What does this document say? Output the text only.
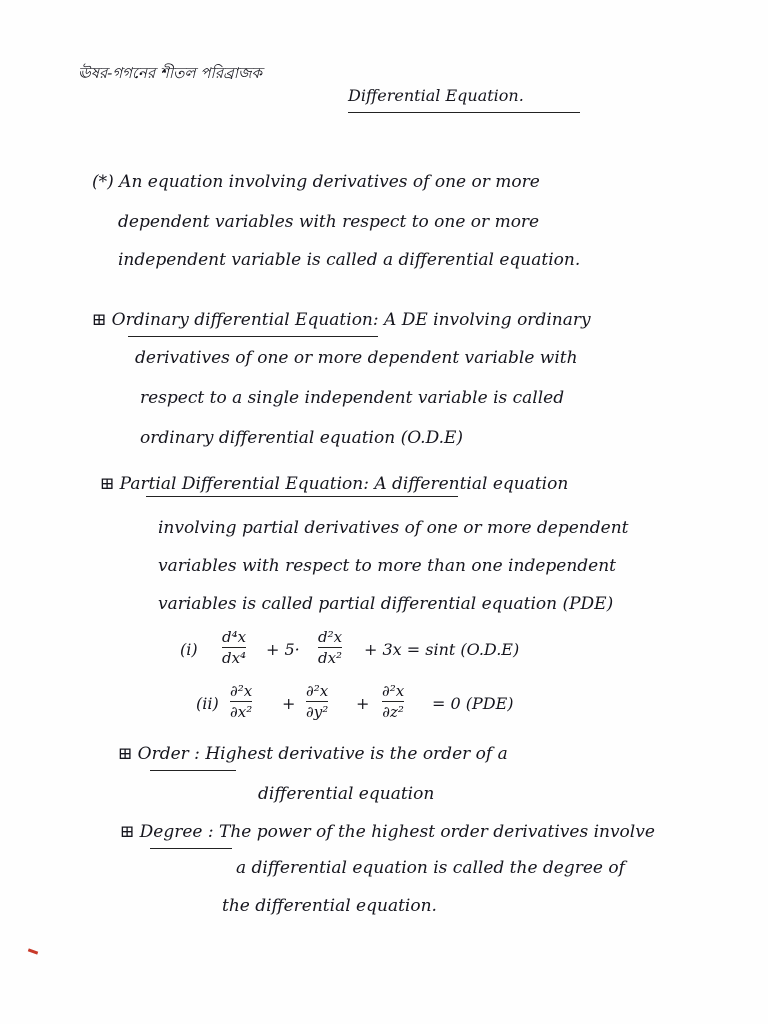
ঊষর-গগনের শীতল পরিব্রাজক
Differential Equation.
(*) An equation involving derivatives of one or more
dependent variables with respect to one or more
independent variable is called a differential equation.
⊞ Ordinary differential Equation: A DE involving ordinary
derivatives of one or more dependent variable with
respect to a single independent variable is called
ordinary differential equation (O.D.E)
⊞ Partial Differential Equation: A differential equation
involving partial derivatives of one or more dependent
variables with respect to more than one independent
variables is called partial differential equation (PDE)
(i)
d⁴x
dx⁴ + 5·
d²x
dx² + 3x = sint (O.D.E)
(ii)
∂²x
∂x² +
∂²x
∂y² +
∂²x
∂z² = 0 (PDE)
⊞ Order : Highest derivative is the order of a
differential equation
⊞ Degree : The power of the highest order derivatives involve
a differential equation is called the degree of
the differential equation.
